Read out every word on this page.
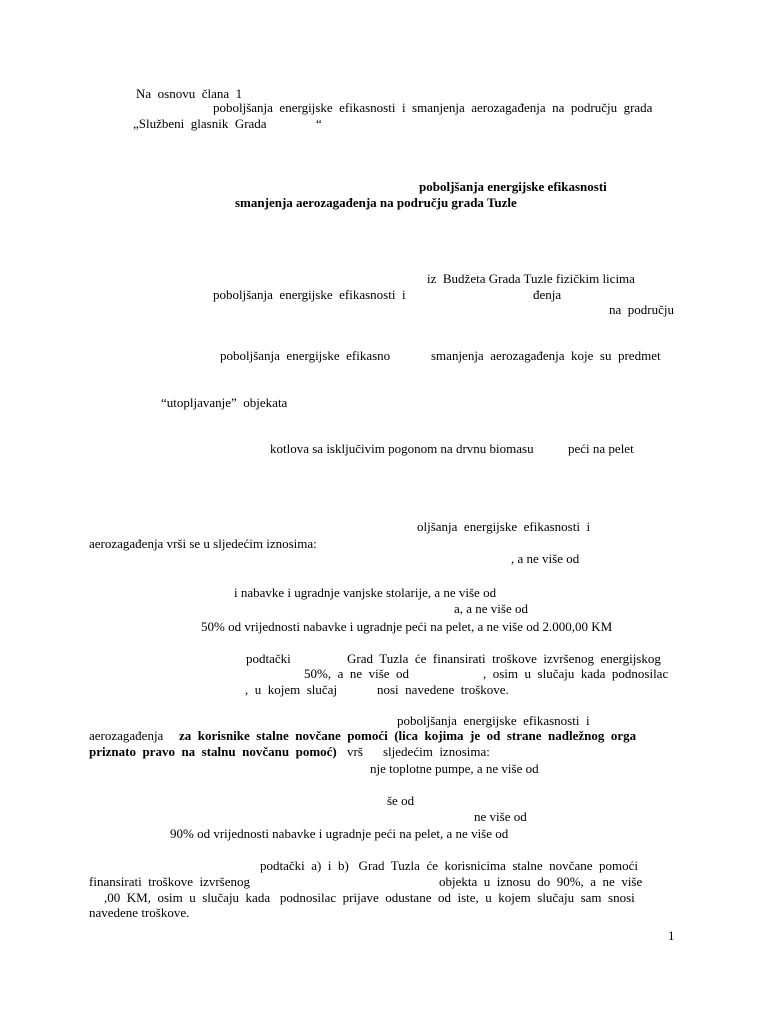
Na  osnovu  člana  1

poboljšanja  energijske  efikasnosti  i  smanjenja  aerozagađenja  na  području  grada

„Službeni  glasnik  Grada	“

poboljšanja energijske efikasnosti

smanjenja aerozagađenja na području grada Tuzle

iz  Budžeta Grada Tuzle fizičkim licima

poboljšanja  energijske  efikasnosti  i	đenja

na  području

poboljšanja  energijske  efikasno	smanjenja  aerozagađenja  koje  su  predmet

“utopljavanje”  objekata

kotlova sa isključivim pogonom na drvnu biomasu	peći na pelet

oljšanja  energijske  efikasnosti  i

aerozagađenja vrši se u sljedećim iznosima:

, a ne više od

i nabavke i ugradnje vanjske stolarije, a ne više od

a, a ne više od

50% od vrijednosti nabavke i ugradnje peći na pelet, a ne više od 2.000,00 KM

podtački	Grad  Tuzla  će  finansirati  troškove  izvršenog  energijskog

50%,  a  ne  više  od	,  osim  u  slučaju  kada  podnosilac

,  u  kojem  slučaj	nosi  navedene  troškove.

poboljšanja  energijske  efikasnosti  i

aerozagađenja za  korisnike  stalne  novčane  pomoći  (lica  kojima  je  od  strane  nadležnog  orga

priznato  pravo  na  stalnu  novčanu  pomoć) vrš sljedećim  iznosima:

nje toplotne pumpe, a ne više od

še od

ne više od

90% od vrijednosti nabavke i ugradnje peći na pelet, a ne više od

podtački  a)  i  b)   Grad  Tuzla  će  korisnicima  stalne  novčane  pomoći

finansirati  troškove  izvršenog	objekta  u  iznosu  do  90%,  a  ne  više

,00  KM,  osim  u  slučaju  kada   podnosilac  prijave  odustane  od  iste,  u  kojem  slučaju  sam  snosi

navedene troškove.

1
